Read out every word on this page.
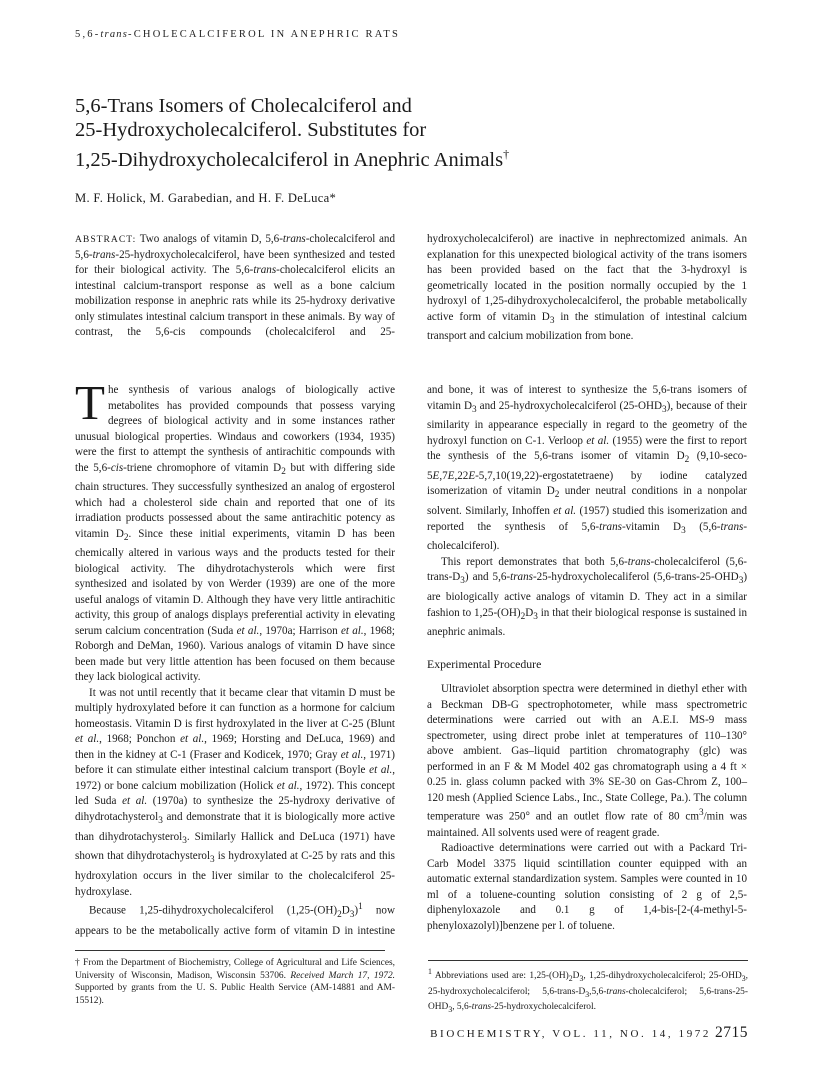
5,6-trans-CHOLECALCIFEROL IN ANEPHRIC RATS
5,6-Trans Isomers of Cholecalciferol and
25-Hydroxycholecalciferol. Substitutes for
1,25-Dihydroxycholecalciferol in Anephric Animals†
M. F. Holick, M. Garabedian, and H. F. DeLuca*

ABSTRACT: Two analogs of vitamin D, 5,6-trans-cholecalciferol and 5,6-trans-25-hydroxycholecalciferol, have been synthesized and tested for their biological activity. The 5,6-trans-cholecalciferol elicits an intestinal calcium-transport response as well as a bone calcium mobilization response in anephric rats while its 25-hydroxy derivative only stimulates intestinal calcium transport in these animals. By way of contrast, the 5,6-cis compounds (cholecalciferol and 25-hydroxycholecalciferol) are inactive in nephrectomized animals. An explanation for this unexpected biological activity of the trans isomers has been provided based on the fact that the 3-hydroxyl is geometrically located in the position normally occupied by the 1 hydroxyl of 1,25-dihydroxycholecalciferol, the probable metabolically active form of vitamin $D_3$ in the stimulation of intestinal calcium transport and calcium mobilization from bone.

The synthesis of various analogs of biologically active metabolites has provided compounds that possess varying degrees of biological activity and in some instances rather unusual biological properties. Windaus and coworkers (1934, 1935) were the first to attempt the synthesis of antirachitic compounds with the 5,6-cis-triene chromophore of vitamin $D_2$ but with differing side chain structures. They successfully synthesized an analog of ergosterol which had a cholesterol side chain and reported that one of its irradiation products possessed about the same antirachitic potency as vitamin $D_2$. Since these initial experiments, vitamin D has been chemically altered in various ways and the products tested for their biological activity. The dihydrotachysterols which were first synthesized and isolated by von Werder (1939) are one of the more useful analogs of vitamin D. Although they have very little antirachitic activity, this group of analogs displays preferential activity in elevating serum calcium concentration (Suda et al., 1970a; Harrison et al., 1968; Roborgh and DeMan, 1960). Various analogs of vitamin D have since been made but very little attention has been focused on them because they lack biological activity.

It was not until recently that it became clear that vitamin D must be multiply hydroxylated before it can function as a hormone for calcium homeostasis. Vitamin D is first hydroxylated in the liver at C-25 (Blunt et al., 1968; Ponchon et al., 1969; Horsting and DeLuca, 1969) and then in the kidney at C-1 (Fraser and Kodicek, 1970; Gray et al., 1971) before it can stimulate either intestinal calcium transport (Boyle et al., 1972) or bone calcium mobilization (Holick et al., 1972). This concept led Suda et al. (1970a) to synthesize the 25-hydroxy derivative of dihydrotachysterol$_3$ and demonstrate that it is biologically more active than dihydrotachysterol$_3$. Similarly Hallick and DeLuca (1971) have shown that dihydrotachysterol$_3$ is hydroxylated at C-25 by rats and this hydroxylation occurs in the liver similar to the cholecalciferol 25-hydroxylase.

Because 1,25-dihydroxycholecalciferol $(1,25-(OH)_2D_3)^1$ now appears to be the metabolically active form of vitamin D in intestine and bone, it was of interest to synthesize the 5,6-trans isomers of vitamin $D_3$ and 25-hydroxycholecalciferol $(25-OHD_3)$, because of their similarity in appearance especially in regard to the geometry of the hydroxyl function on C-1. Verloop et al. (1955) were the first to report the synthesis of the 5,6-trans isomer of vitamin $D_2$ (9,10-seco-5E,7E,22E-5,7,10(19,22)-ergostatetraene) by iodine catalyzed isomerization of vitamin $D_2$ under neutral conditions in a nonpolar solvent. Similarly, Inhoffen et al. (1957) studied this isomerization and reported the synthesis of 5,6-trans-vitamin $D_3$ (5,6-trans-cholecalciferol).

This report demonstrates that both 5,6-trans-cholecalciferol $(5,6-trans-D_3)$ and 5,6-trans-25-hydroxycholecaliferol $(5,6-trans-25-OHD_3)$ are biologically active analogs of vitamin D. They act in a similar fashion to $1,25-(OH)_2D_3$ in that their biological response is sustained in anephric animals.

Experimental Procedure

Ultraviolet absorption spectra were determined in diethyl ether with a Beckman DB-G spectrophotometer, while mass spectrometric determinations were carried out with an A.E.I. MS-9 mass spectrometer, using direct probe inlet at temperatures of 110–130° above ambient. Gas–liquid partition chromatography (glc) was performed in an F & M Model 402 gas chromatograph using a 4 ft × 0.25 in. glass column packed with 3% SE-30 on Gas-Chrom Z, 100–120 mesh (Applied Science Labs., Inc., State College, Pa.). The column temperature was 250° and an outlet flow rate of 80 $cm^3/\min$ was maintained. All solvents used were of reagent grade.

Radioactive determinations were carried out with a Packard Tri-Carb Model 3375 liquid scintillation counter equipped with an automatic external standardization system. Samples were counted in 10 ml of a toluene-counting solution consisting of 2 g of 2,5-diphenyloxazole and 0.1 g of 1,4-bis-[2-(4-methyl-5-phenyloxazolyl)]benzene per l. of toluene.

† From the Department of Biochemistry, College of Agricultural and Life Sciences, University of Wisconsin, Madison, Wisconsin 53706. Received March 17, 1972. Supported by grants from the U. S. Public Health Service (AM-14881 and AM-15512).
$^1$ Abbreviations used are: $1,25-(OH)_2D_3$, 1,25-dihydroxycholecalciferol; $25-OHD_3$, 25-hydroxycholecalciferol; $5,6-trans-D_3,5,6-trans$-cholecalciferol; $5,6-trans-25-OHD_3$, 5,6-trans-25-hydroxycholecalciferol.
BIOCHEMISTRY, VOL. 11, NO. 14, 1972 2715
